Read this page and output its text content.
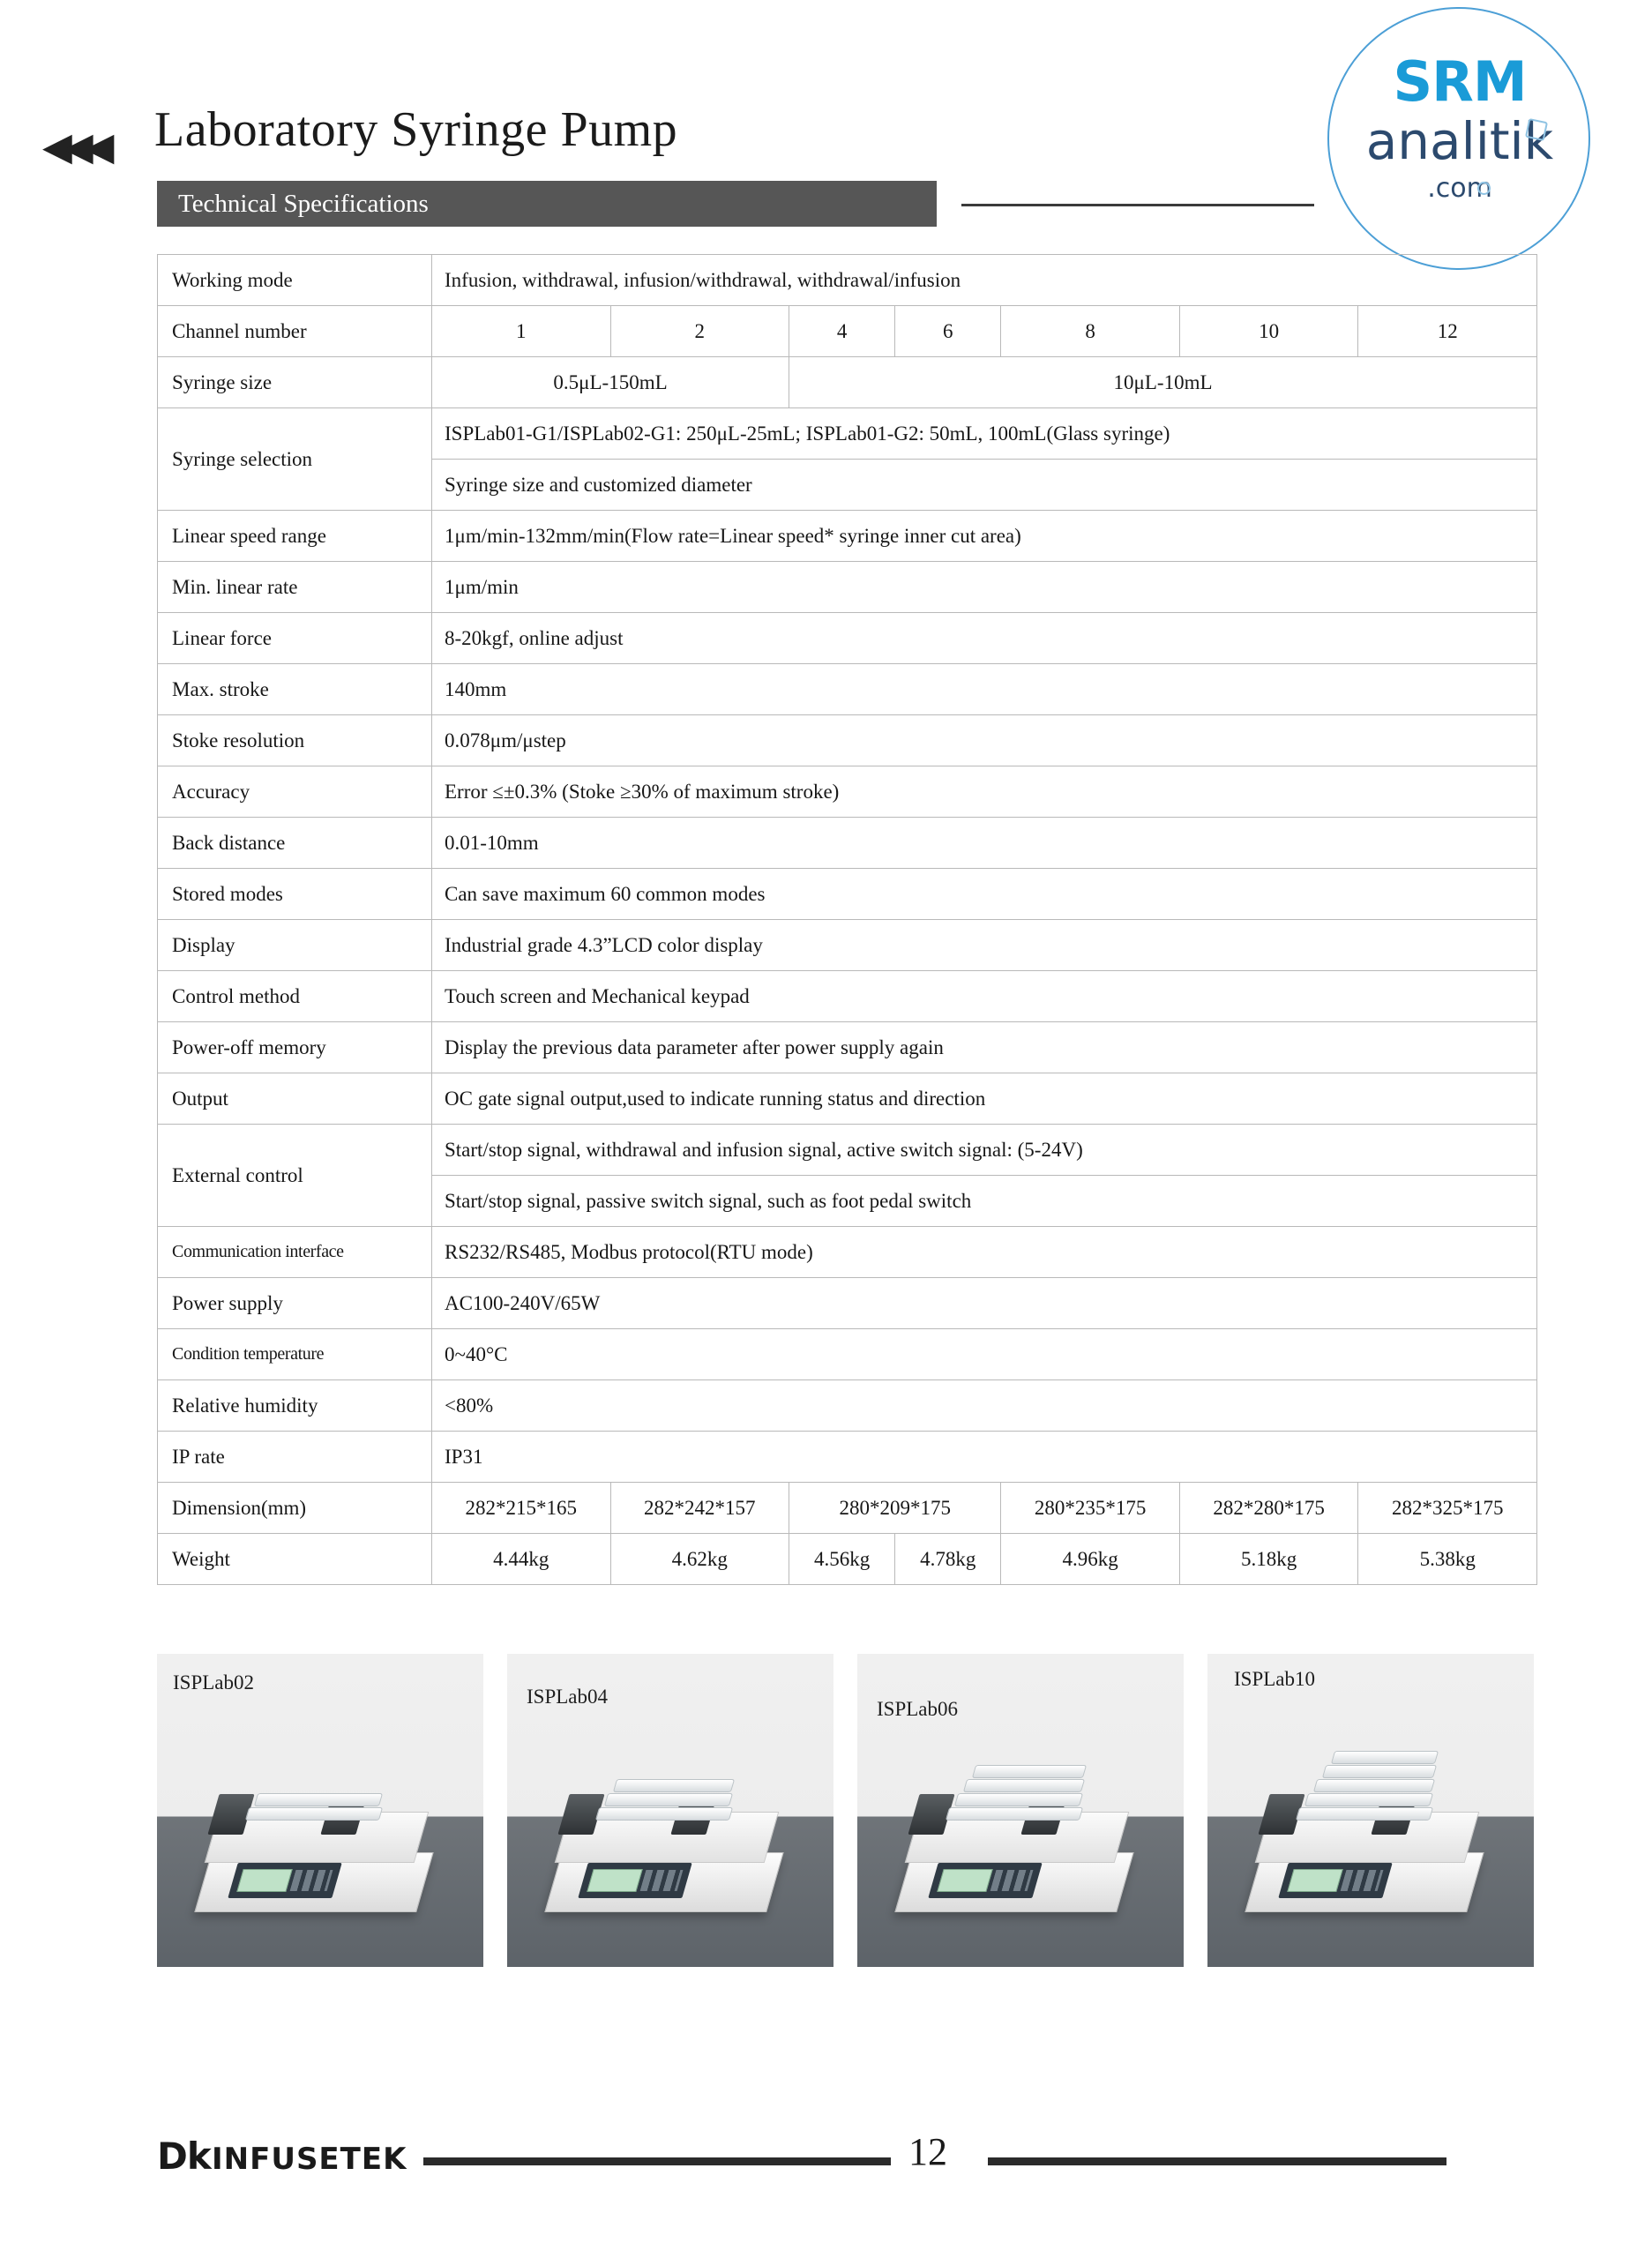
◀◀◀ Laboratory Syringe Pump
SRM
analitik
.com
Technical Specifications
Working mode	Infusion, withdrawal, infusion/withdrawal, withdrawal/infusion						
Channel number	1	2	4	6	8	10	12
Syringe size	0.5μL-150mL		10μL-10mL				
Syringe selection	ISPLab01-G1/ISPLab02-G1: 250μL-25mL; ISPLab01-G2: 50mL, 100mL(Glass syringe)						
	Syringe size and customized diameter						
Linear speed range	1μm/min-132mm/min(Flow rate=Linear speed* syringe inner cut area)						
Min. linear rate	1μm/min						
Linear force	8-20kgf, online adjust						
Max. stroke	140mm						
Stoke resolution	0.078μm/μstep						
Accuracy	Error ≤±0.3% (Stoke ≥30% of maximum stroke)						
Back distance	0.01-10mm						
Stored modes	Can save maximum 60 common modes						
Display	Industrial grade 4.3”LCD color display						
Control method	Touch screen and Mechanical keypad						
Power-off memory	Display the previous data parameter after power supply again						
Output	OC gate signal output,used to indicate running status and direction						
External control	Start/stop signal, withdrawal and infusion signal, active switch signal: (5-24V)						
	Start/stop signal, passive switch signal, such as foot pedal switch						
Communication interface	RS232/RS485, Modbus protocol(RTU mode)						
Power supply	AC100-240V/65W						
Condition temperature	0~40°C						
Relative humidity	<80%						
IP rate	IP31						
Dimension(mm)	282*215*165	282*242*157	280*209*175		280*235*175	282*280*175	282*325*175
Weight	4.44kg	4.62kg	4.56kg	4.78kg	4.96kg	5.18kg	5.38kg
ISPLab02
ISPLab04
ISPLab06
ISPLab10
Dk INFUSETEK	12
